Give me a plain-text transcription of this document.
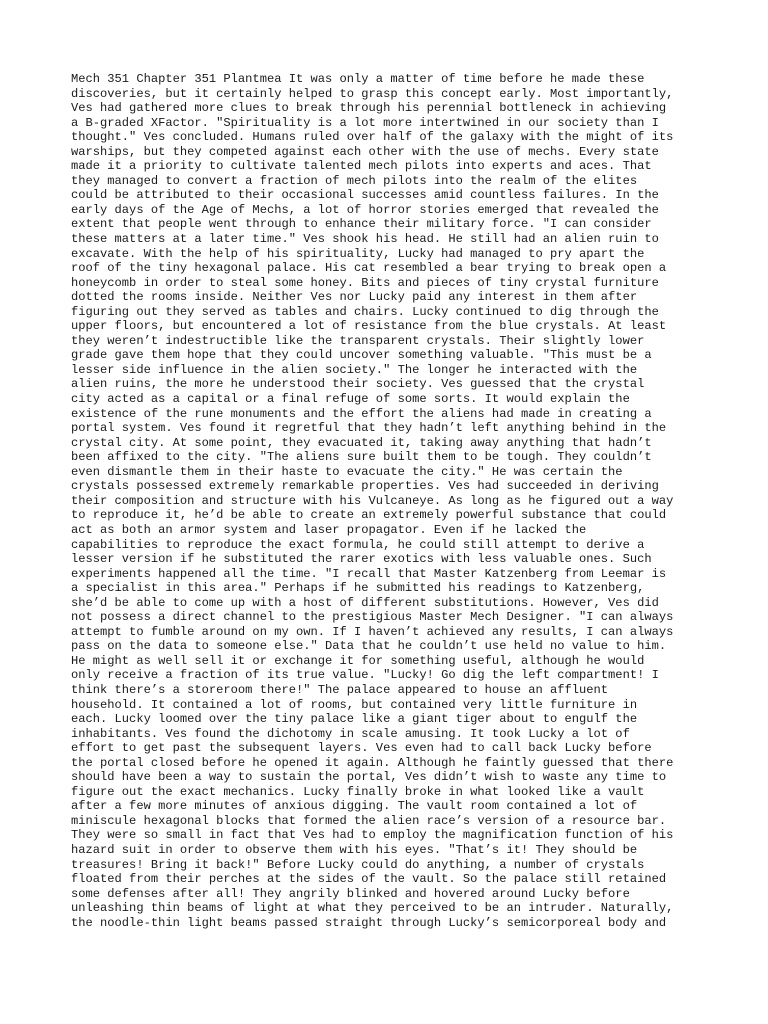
Mech 351 Chapter 351 Plantmea It was only a matter of time before he made these
discoveries, but it certainly helped to grasp this concept early. Most importantly,
Ves had gathered more clues to break through his perennial bottleneck in achieving
a B-graded XFactor. "Spirituality is a lot more intertwined in our society than I
thought." Ves concluded. Humans ruled over half of the galaxy with the might of its
warships, but they competed against each other with the use of mechs. Every state
made it a priority to cultivate talented mech pilots into experts and aces. That
they managed to convert a fraction of mech pilots into the realm of the elites
could be attributed to their occasional successes amid countless failures. In the
early days of the Age of Mechs, a lot of horror stories emerged that revealed the
extent that people went through to enhance their military force. "I can consider
these matters at a later time." Ves shook his head. He still had an alien ruin to
excavate. With the help of his spirituality, Lucky had managed to pry apart the
roof of the tiny hexagonal palace. His cat resembled a bear trying to break open a
honeycomb in order to steal some honey. Bits and pieces of tiny crystal furniture
dotted the rooms inside. Neither Ves nor Lucky paid any interest in them after
figuring out they served as tables and chairs. Lucky continued to dig through the
upper floors, but encountered a lot of resistance from the blue crystals. At least
they weren’t indestructible like the transparent crystals. Their slightly lower
grade gave them hope that they could uncover something valuable. "This must be a
lesser side influence in the alien society." The longer he interacted with the
alien ruins, the more he understood their society. Ves guessed that the crystal
city acted as a capital or a final refuge of some sorts. It would explain the
existence of the rune monuments and the effort the aliens had made in creating a
portal system. Ves found it regretful that they hadn’t left anything behind in the
crystal city. At some point, they evacuated it, taking away anything that hadn’t
been affixed to the city. "The aliens sure built them to be tough. They couldn’t
even dismantle them in their haste to evacuate the city." He was certain the
crystals possessed extremely remarkable properties. Ves had succeeded in deriving
their composition and structure with his Vulcaneye. As long as he figured out a way
to reproduce it, he’d be able to create an extremely powerful substance that could
act as both an armor system and laser propagator. Even if he lacked the
capabilities to reproduce the exact formula, he could still attempt to derive a
lesser version if he substituted the rarer exotics with less valuable ones. Such
experiments happened all the time. "I recall that Master Katzenberg from Leemar is
a specialist in this area." Perhaps if he submitted his readings to Katzenberg,
she’d be able to come up with a host of different substitutions. However, Ves did
not possess a direct channel to the prestigious Master Mech Designer. "I can always
attempt to fumble around on my own. If I haven’t achieved any results, I can always
pass on the data to someone else." Data that he couldn’t use held no value to him.
He might as well sell it or exchange it for something useful, although he would
only receive a fraction of its true value. "Lucky! Go dig the left compartment! I
think there’s a storeroom there!" The palace appeared to house an affluent
household. It contained a lot of rooms, but contained very little furniture in
each. Lucky loomed over the tiny palace like a giant tiger about to engulf the
inhabitants. Ves found the dichotomy in scale amusing. It took Lucky a lot of
effort to get past the subsequent layers. Ves even had to call back Lucky before
the portal closed before he opened it again. Although he faintly guessed that there
should have been a way to sustain the portal, Ves didn’t wish to waste any time to
figure out the exact mechanics. Lucky finally broke in what looked like a vault
after a few more minutes of anxious digging. The vault room contained a lot of
miniscule hexagonal blocks that formed the alien race’s version of a resource bar.
They were so small in fact that Ves had to employ the magnification function of his
hazard suit in order to observe them with his eyes. "That’s it! They should be
treasures! Bring it back!" Before Lucky could do anything, a number of crystals
floated from their perches at the sides of the vault. So the palace still retained
some defenses after all! They angrily blinked and hovered around Lucky before
unleashing thin beams of light at what they perceived to be an intruder. Naturally,
the noodle-thin light beams passed straight through Lucky’s semicorporeal body and
